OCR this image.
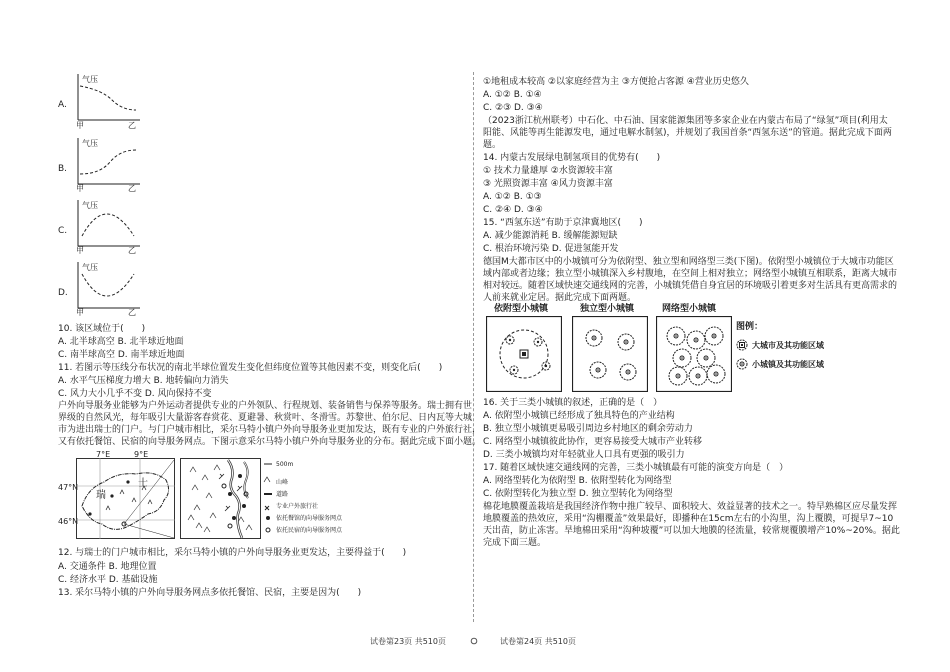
A.
气压
甲	乙
B.
气压
甲	乙
C.
气压
甲	乙
D.
气压
甲	乙
10. 该区域位于(　　)
A. 北半球高空 B. 北半球近地面
C. 南半球高空 D. 南半球近地面
11. 若图示等压线分布状况的南北半球位置发生变化但纬度位置等其他因素不变，则变化后(　　)
A. 水平气压梯度力增大 B. 地转偏向力消失
C. 风力大小几乎不变 D. 风向保持不变
户外向导服务业能够为户外运动者提供专业的户外领队、行程规划、装备销售与保养等服务。瑞士拥有世
界级的自然风光，每年吸引大量游客春赏花、夏避暑、秋赏叶、冬滑雪。苏黎世、伯尔尼、日内瓦等大城
市为进出瑞士的门户。与门户城市相比，采尔马特小镇户外向导服务业更加发达，既有专业的户外旅行社，
又有依托餐馆、民宿的向导服务网点。下图示意采尔马特小镇户外向导服务业的分布。据此完成下面小题。
7°E	9°E
47°N
46°N
瑞
士
500m
山峰
道路
专业户外旅行社
依托餐馆的向导服务网点
依托民宿的向导服务网点
12. 与瑞士的门户城市相比，采尔马特小镇的户外向导服务业更发达，主要得益于(　　)
A. 交通条件 B. 地理位置
C. 经济水平 D. 基础设施
13. 采尔马特小镇的户外向导服务网点多依托餐馆、民宿，主要是因为(　　)
①地租成本较高 ②以家庭经营为主 ③方便抢占客源 ④营业历史悠久
A. ①② B. ①④
C. ②③ D. ③④
（2023浙江杭州联考）中石化、中石油、国家能源集团等多家企业在内蒙古布局了“绿氢”项目(利用太
阳能、风能等再生能源发电，通过电解水制氢)，并规划了我国首条“西氢东送”的管道。据此完成下面两
题。
14. 内蒙古发展绿电制氢项目的优势有(　　)
① 技术力量雄厚 ②水资源较丰富
③ 光照资源丰富 ④风力资源丰富
A. ①② B. ①③
C. ②④ D. ③④
15. “西氢东送”有助于京津冀地区(　　)
A. 减少能源消耗 B. 缓解能源短缺
C. 根治环境污染 D. 促进氢能开发
德国M大都市区中的小城镇可分为依附型、独立型和网络型三类(下图)。依附型小城镇位于大城市功能区
域内部或者边缘；独立型小城镇深入乡村腹地，在空间上相对独立；网络型小城镇互相联系，距离大城市
相对较远。随着区域快速交通线网的完善，小城镇凭借自身宜居的环境吸引着更多对生活具有更高需求的
人前来就业定居。据此完成下面两题。
依附型小城镇	独立型小城镇	网络型小城镇
图例：
大城市及其功能区域
小城镇及其功能区域
16. 关于三类小城镇的叙述，正确的是（　）
A. 依附型小城镇已经形成了独具特色的产业结构
B. 独立型小城镇更易吸引周边乡村地区的剩余劳动力
C. 网络型小城镇彼此协作，更容易接受大城市产业转移
D. 三类小城镇均对年轻就业人口具有更强的吸引力
17. 随着区域快速交通线网的完善，三类小城镇最有可能的演变方向是（　）
A. 网络型转化为依附型 B. 依附型转化为网络型
C. 依附型转化为独立型 D. 独立型转化为网络型
棉花地膜覆盖栽培是我国经济作物中推广较早、面积较大、效益显著的技术之一。特早熟棉区应尽量发挥
地膜覆盖的热效应，采用“沟棚覆盖”效果最好，即播种在15cm左右的小沟里，沟上覆膜，可提早7~10
天出苗，防止冻害。旱地棉田采用“沟种坡覆”可以加大地膜的径流量，较常规覆膜增产10%~20%。据此
完成下面三题。
试卷第23页 共510页	试卷第24页 共510页
